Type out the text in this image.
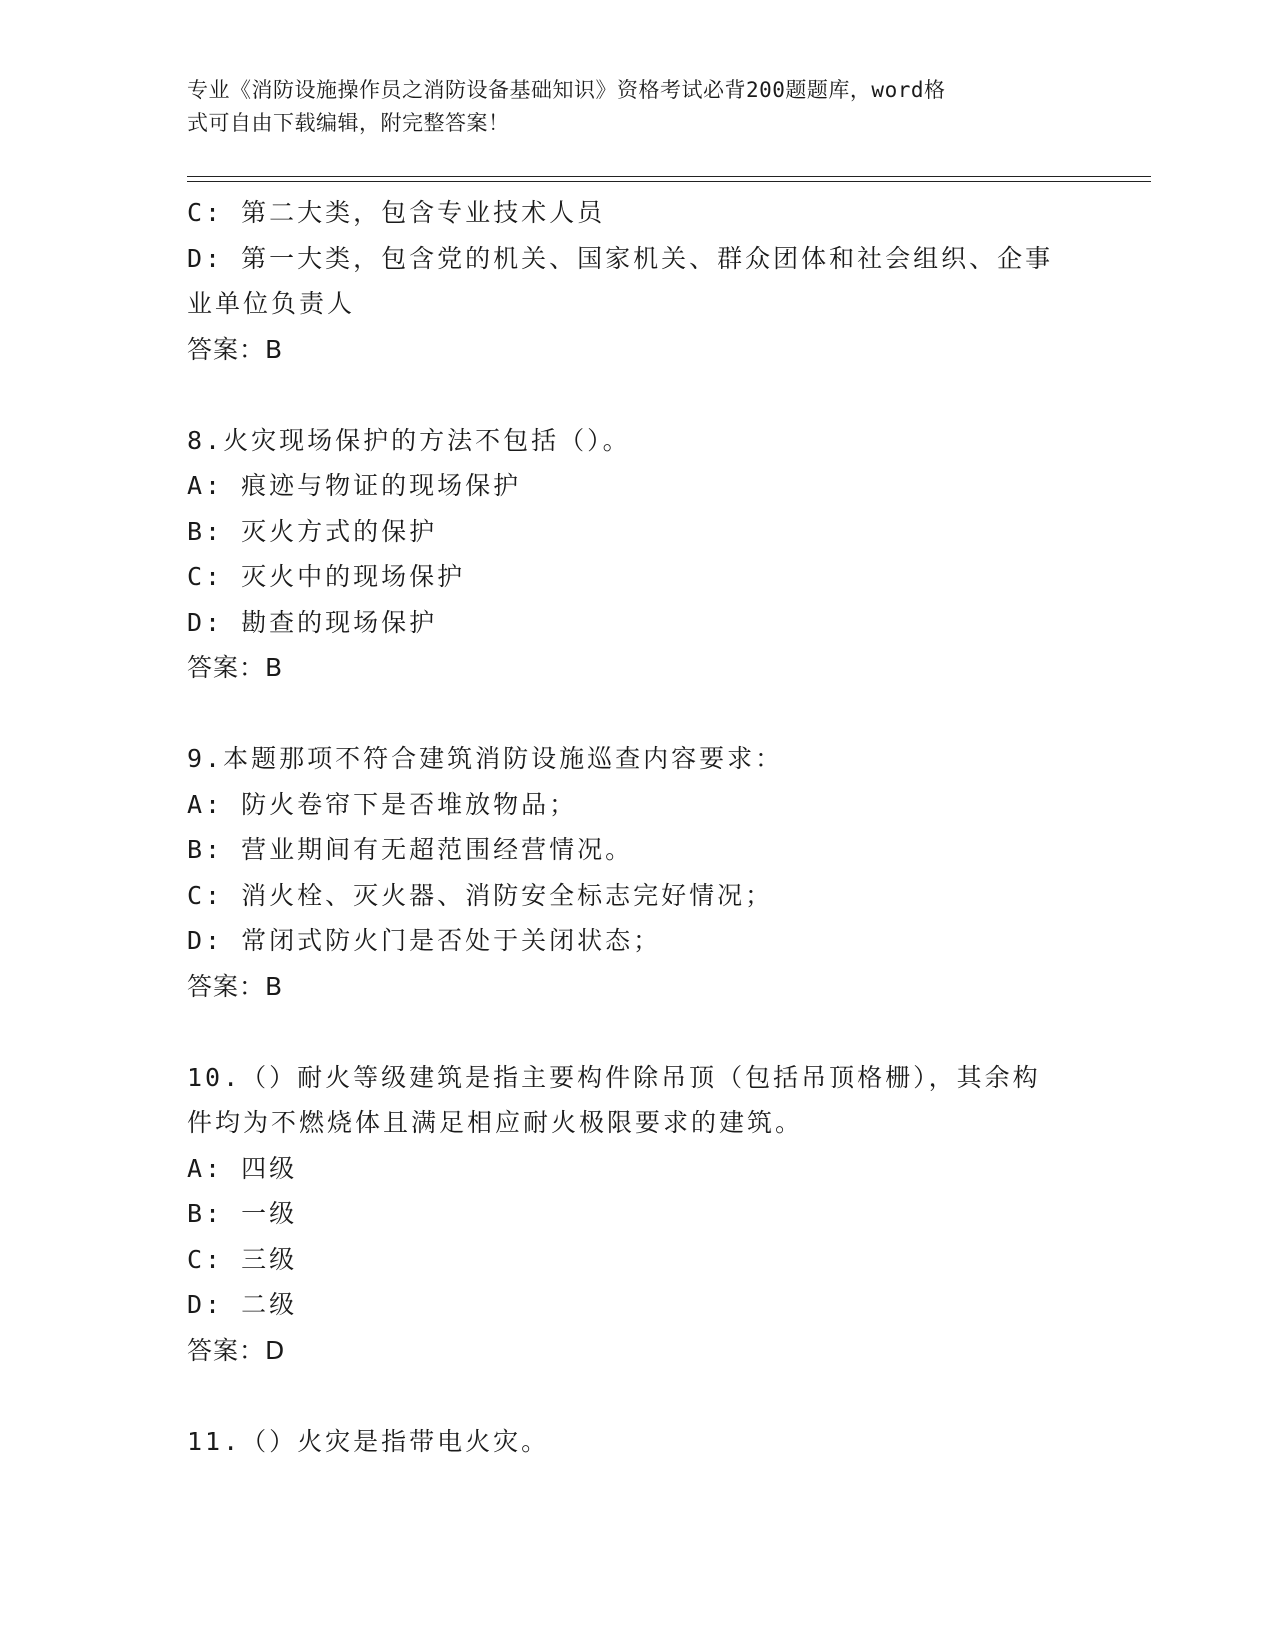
专业《消防设施操作员之消防设备基础知识》资格考试必背200题题库，word格
式可自由下载编辑，附完整答案！
C: 第二大类，包含专业技术人员
D: 第一大类，包含党的机关、国家机关、群众团体和社会组织、企事
业单位负责人
答案：B
8.火灾现场保护的方法不包括（）。
A: 痕迹与物证的现场保护
B: 灭火方式的保护
C: 灭火中的现场保护
D: 勘查的现场保护
答案：B
9.本题那项不符合建筑消防设施巡查内容要求：
A: 防火卷帘下是否堆放物品；
B: 营业期间有无超范围经营情况。
C: 消火栓、灭火器、消防安全标志完好情况；
D: 常闭式防火门是否处于关闭状态；
答案：B
10.（）耐火等级建筑是指主要构件除吊顶（包括吊顶格栅），其余构
件均为不燃烧体且满足相应耐火极限要求的建筑。
A: 四级
B: 一级
C: 三级
D: 二级
答案：D
11.（）火灾是指带电火灾。
